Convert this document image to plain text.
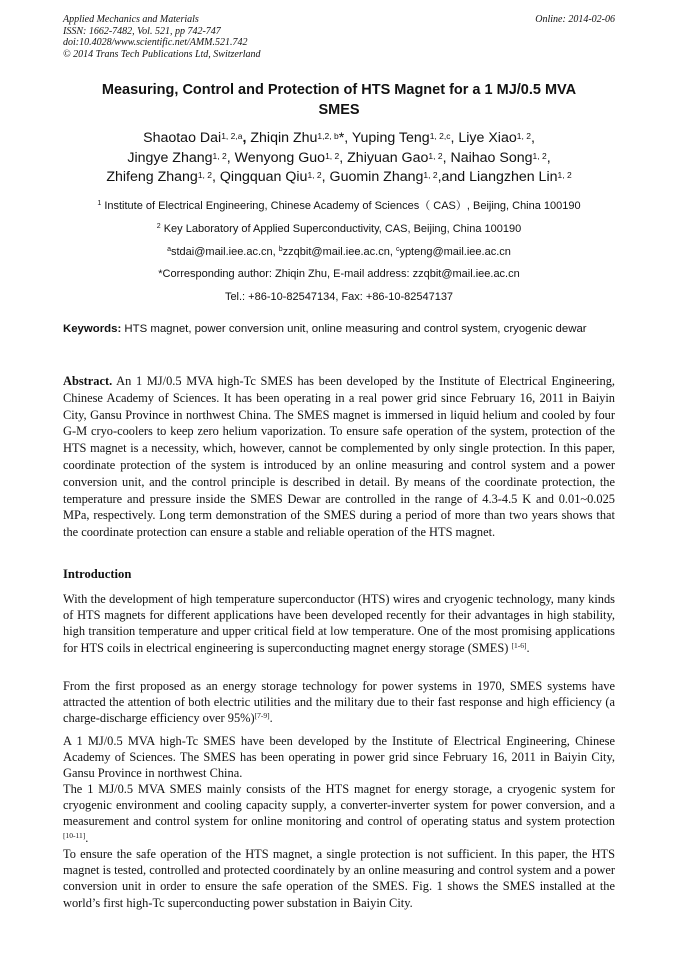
Applied Mechanics and Materials
ISSN: 1662-7482, Vol. 521, pp 742-747
doi:10.4028/www.scientific.net/AMM.521.742
© 2014 Trans Tech Publications Ltd, Switzerland
Online: 2014-02-06
Measuring, Control and Protection of HTS Magnet for a 1 MJ/0.5 MVA
SMES
Shaotao Dai$^{1, 2,a}$, Zhiqin Zhu$^{1,2, b}$*, Yuping Teng$^{1, 2,c}$, Liye Xiao$^{1, 2}$,
Jingye Zhang$^{1, 2}$, Wenyong Guo$^{1, 2}$, Zhiyuan Gao$^{1, 2}$, Naihao Song$^{1, 2}$,
Zhifeng Zhang$^{1, 2}$, Qingquan Qiu$^{1, 2}$, Guomin Zhang$^{1, 2}$,and Liangzhen Lin$^{1, 2}$
$^1$ Institute of Electrical Engineering, Chinese Academy of Sciences（ CAS）, Beijing, China 100190
$^2$ Key Laboratory of Applied Superconductivity, CAS, Beijing, China 100190
$^a$stdai@mail.iee.ac.cn, $^b$zzqbit@mail.iee.ac.cn, $^c$ypteng@mail.iee.ac.cn
*Corresponding author: Zhiqin Zhu, E-mail address: zzqbit@mail.iee.ac.cn
Tel.: +86-10-82547134, Fax: +86-10-82547137
Keywords: HTS magnet, power conversion unit, online measuring and control system, cryogenic dewar
Abstract. An 1 MJ/0.5 MVA high-Tc SMES has been developed by the Institute of Electrical Engineering, Chinese Academy of Sciences. It has been operating in a real power grid since February 16, 2011 in Baiyin City, Gansu Province in northwest China. The SMES magnet is immersed in liquid helium and cooled by four G-M cryo-coolers to keep zero helium vaporization. To ensure safe operation of the system, protection of the HTS magnet is a necessity, which, however, cannot be complemented by only single protection. In this paper, coordinate protection of the system is introduced by an online measuring and control system and a power conversion unit, and the control principle is described in detail. By means of the coordinate protection, the temperature and pressure inside the SMES Dewar are controlled in the range of 4.3-4.5 K and 0.01~0.025 MPa, respectively. Long term demonstration of the SMES during a period of more than two years shows that the coordinate protection can ensure a stable and reliable operation of the HTS magnet.
Introduction
With the development of high temperature superconductor (HTS) wires and cryogenic technology, many kinds of HTS magnets for different applications have been developed recently for their advantages in high stability, high transition temperature and upper critical field at low temperature. One of the most promising applications for HTS coils in electrical engineering is superconducting magnet energy storage (SMES) [1-6].
From the first proposed as an energy storage technology for power systems in 1970, SMES systems have attracted the attention of both electric utilities and the military due to their fast response and high efficiency (a charge-discharge efficiency over 95%)[7-9].
A 1 MJ/0.5 MVA high-Tc SMES have been developed by the Institute of Electrical Engineering, Chinese Academy of Sciences. The SMES has been operating in power grid since February 16, 2011 in Baiyin City, Gansu Province in northwest China.
The 1 MJ/0.5 MVA SMES mainly consists of the HTS magnet for energy storage, a cryogenic system for cryogenic environment and cooling capacity supply, a converter-inverter system for power conversion, and a measurement and control system for online monitoring and control of operating status and system protection [10-11].
To ensure the safe operation of the HTS magnet, a single protection is not sufficient. In this paper, the HTS magnet is tested, controlled and protected coordinately by an online measuring and control system and a power conversion unit in order to ensure the safe operation of the SMES. Fig. 1 shows the SMES installed at the world’s first high-Tc superconducting power substation in Baiyin City.
